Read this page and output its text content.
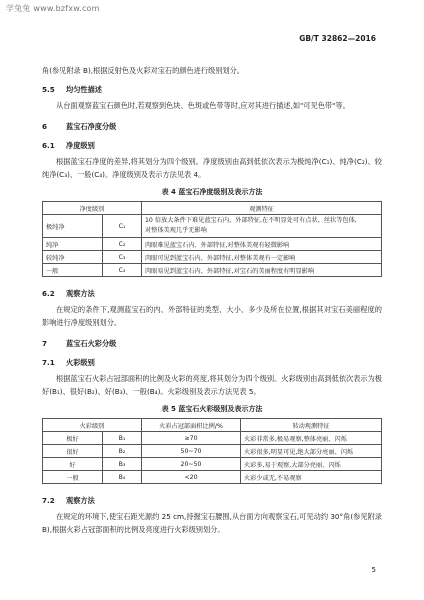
学兔兔 www.bzfxw.com
GB/T 32862—2016

角(参见附录 B),根据反射色及火彩对宝石的颜色进行级别划分。

5.5 均匀性描述

从台面观察蓝宝石颜色时,若观察到色块、色斑或色带等时,应对其进行描述,如"可见色带"等。

6	蓝宝石净度分级

6.1 净度级别

根据蓝宝石净度的差异,将其划分为四个级别。净度级别由高到低依次表示为极纯净(C₁)、纯净(C₂)、较纯净(C₃)、一般(C₄)。净度级别及表示方法见表 4。

表 4 蓝宝石净度级别及表示方法

净度级别		观测特征
极纯净	C₁	10 倍放大条件下难见蓝宝石内、外部特征,在不明显处可有点状、丝状等包体,
对整体美观几乎无影响

纯净	C₂	肉眼难见蓝宝石内、外部特征,对整体美观有轻微影响
较纯净	C₃	肉眼可见到蓝宝石内、外部特征,对整体美观有一定影响
一般	C₄	肉眼易见到蓝宝石内、外部特征,对宝石的美丽程度有明显影响

6.2 观察方法

在规定的条件下,观测蓝宝石的内、外部特征的类型、大小、多少及所在位置,根据其对宝石美丽程度的影响进行净度级别划分。

7	蓝宝石火彩分级

7.1 火彩级别

根据蓝宝石火彩占冠部面积的比例及火彩的亮度,将其划分为四个级别。火彩级别由高到低依次表示为极好(B₁)、很好(B₂)、好(B₃)、一般(B₄)。火彩级别及表示方法见表 5。

表 5 蓝宝石火彩级别及表示方法

火彩级别		火彩占冠部面积比例/%	转动观测特征
极好	B₁	≥70	火彩非常多,极易观察,整体亮丽、闪烁
很好	B₂	50~70	火彩很多,明显可见,绝大部分亮丽、闪烁
好	B₃	20~50	火彩多,易于观察,大部分亮丽、闪烁
一般	B₄	<20	火彩少或无,不易观察

7.2 观察方法

在规定的环境下,使宝石距光源约 25 cm,持握宝石腰围,从台面方向观察宝石,可见动约 30°角(参见附录 B),根据火彩占冠部面积的比例及亮度进行火彩级别划分。

5
